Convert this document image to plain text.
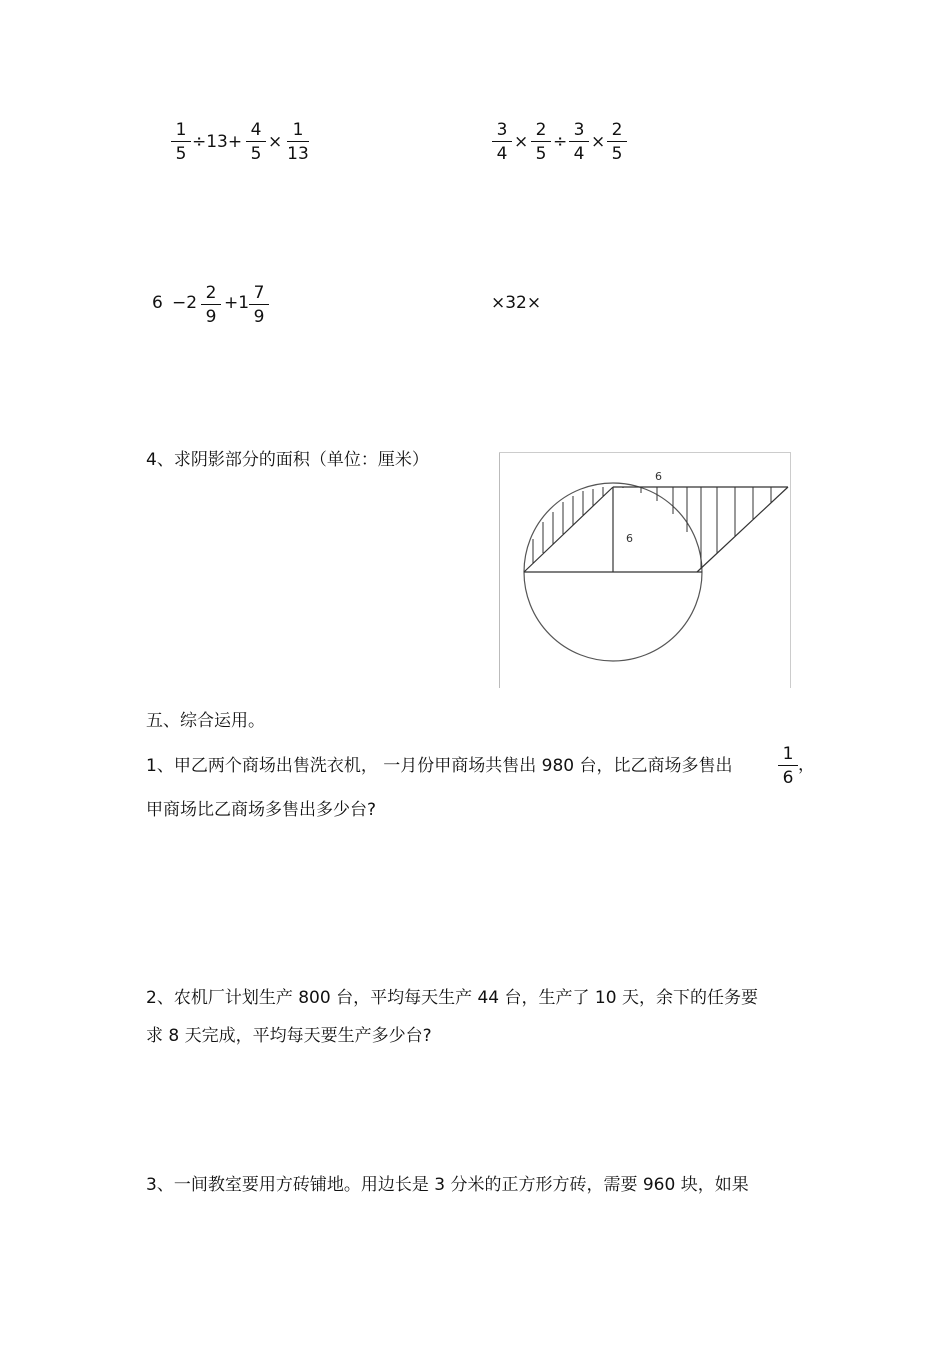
1
5
÷13+
4
5
×
1
13
3
4
×
2
5
÷
3
4
×
2
5
6 −2 2
9
+1 7
9
×32×
4、求阴影部分的面积（单位：厘米）
6
6
五、综合运用。
1、甲乙两个商场出售洗衣机， 一月份甲商场共售出 980 台，比乙商场多售出
1
6
，
甲商场比乙商场多售出多少台?
2、农机厂计划生产 800 台，平均每天生产 44 台，生产了 10 天，余下的任务要
求 8 天完成，平均每天要生产多少台?
3、一间教室要用方砖铺地。用边长是 3 分米的正方形方砖，需要 960 块，如果
